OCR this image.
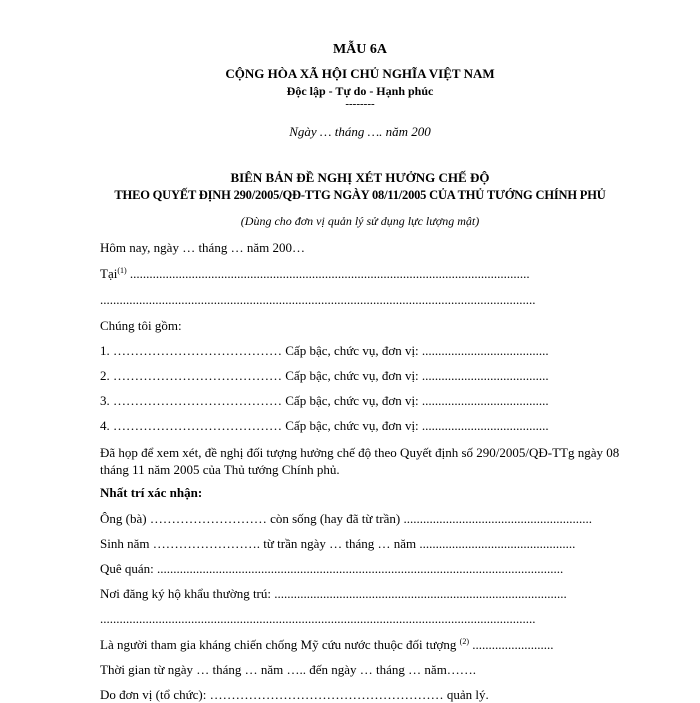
MẪU 6A
CỘNG HÒA XÃ HỘI CHỦ NGHĨA VIỆT NAM
Độc lập - Tự do - Hạnh phúc
--------
Ngày … tháng …. năm 200
BIÊN BẢN ĐỀ NGHỊ XÉT HƯỞNG CHẾ ĐỘ
THEO QUYẾT ĐỊNH 290/2005/QĐ-TTG NGÀY 08/11/2005 CỦA THỦ TƯỚNG CHÍNH PHỦ
(Dùng cho đơn vị quản lý sử dụng lực lượng mật)
Hôm nay, ngày … tháng … năm 200…
Tại$^{(1)}$ ...........................................................................................................................
......................................................................................................................................
Chúng tôi gồm:
1. ………………………………… Cấp bậc, chức vụ, đơn vị: .......................................
2. ………………………………… Cấp bậc, chức vụ, đơn vị: .......................................
3. ………………………………… Cấp bậc, chức vụ, đơn vị: .......................................
4. ………………………………… Cấp bậc, chức vụ, đơn vị: .......................................
Đã họp để xem xét, đề nghị đối tượng hưởng chế độ theo Quyết định số 290/2005/QĐ-TTg ngày 08 tháng 11 năm 2005 của Thủ tướng Chính phủ.
Nhất trí xác nhận:
Ông (bà) ……………………… còn sống (hay đã từ trần) ..........................................................
Sinh năm ……………………. từ trần ngày … tháng … năm ................................................
Quê quán: .............................................................................................................................
Nơi đăng ký hộ khẩu thường trú: ..........................................................................................
......................................................................................................................................
Là người tham gia kháng chiến chống Mỹ cứu nước thuộc đối tượng $^{(2)}$ .........................
Thời gian từ ngày … tháng … năm ….. đến ngày … tháng … năm…….
Do đơn vị (tổ chức): ……………………………………………… quản lý.
